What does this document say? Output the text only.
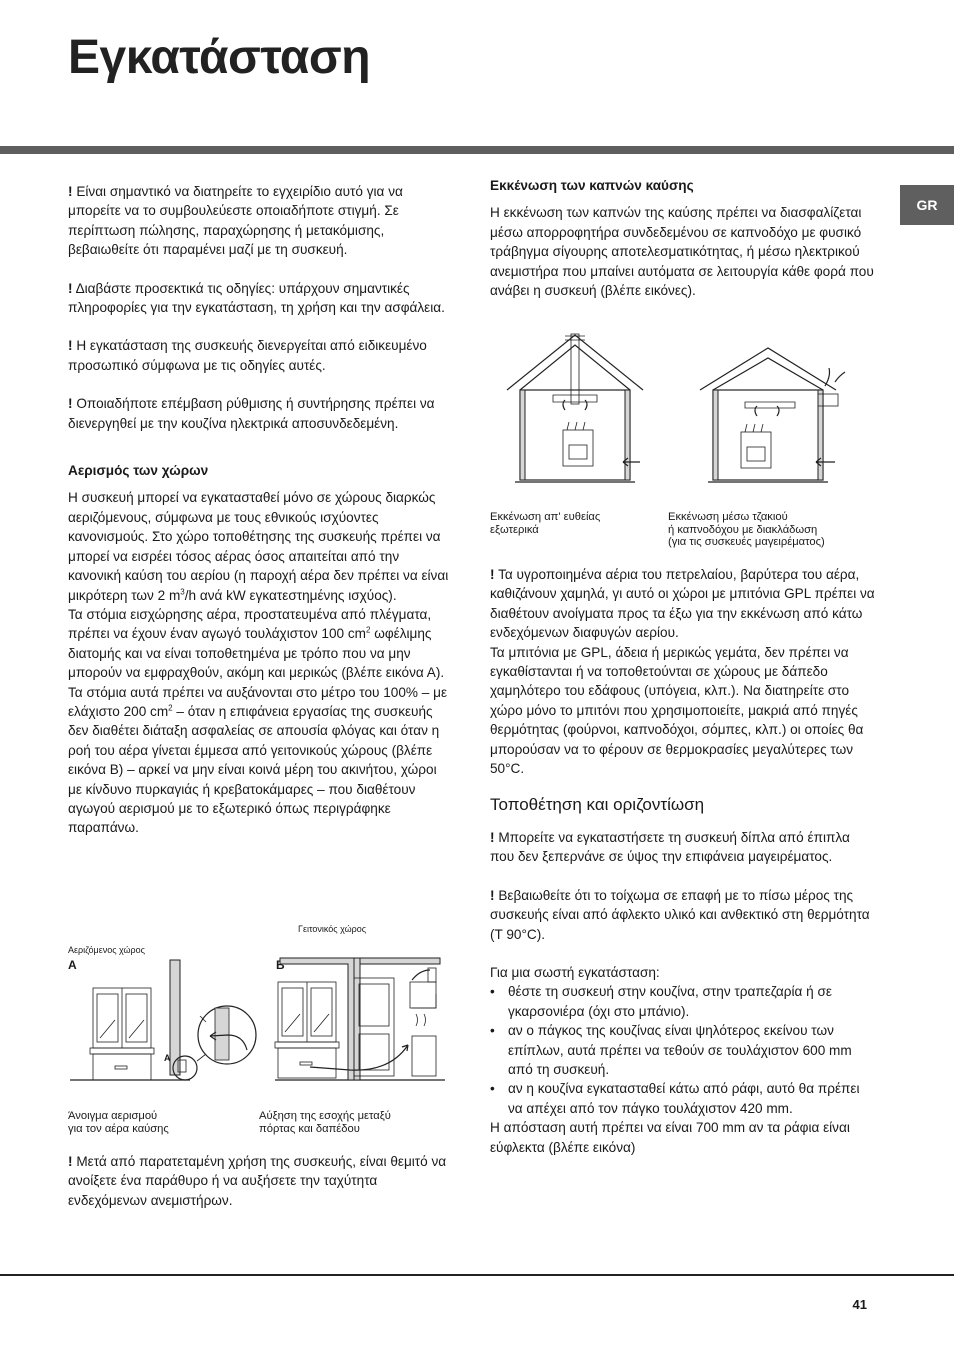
Εγκατάσταση
GR

! Είναι σημαντικό να διατηρείτε το εγχειρίδιο αυτό για να μπορείτε να το συμβουλεύεστε οποιαδήποτε στιγμή. Σε περίπτωση πώλησης, παραχώρησης ή μετακόμισης, βεβαιωθείτε ότι παραμένει μαζί με τη συσκευή.

! Διαβάστε προσεκτικά τις οδηγίες: υπάρχουν σημαντικές πληροφορίες για την εγκατάσταση, τη χρήση και την ασφάλεια.

! Η εγκατάσταση της συσκευής διενεργείται από ειδικευμένο προσωπικό σύμφωνα με τις οδηγίες αυτές.

! Οποιαδήποτε επέμβαση ρύθμισης ή συντήρησης πρέπει να διενεργηθεί με την κουζίνα ηλεκτρικά αποσυνδεδεμένη.

Αερισμός των χώρων

Η συσκευή μπορεί να εγκατασταθεί μόνο σε χώρους διαρκώς αεριζόμενους, σύμφωνα με τους εθνικούς ισχύοντες κανονισμούς. Στο χώρο τοποθέτησης της συσκευής πρέπει να μπορεί να εισρέει τόσος αέρας όσος απαιτείται από την κανονική καύση του αερίου (η παροχή αέρα δεν πρέπει να είναι μικρότερη των 2 $m^3/h$ ανά kW εγκατεστημένης ισχύος).

Τα στόμια εισχώρησης αέρα, προστατευμένα από πλέγματα, πρέπει να έχουν έναν αγωγό τουλάχιστον 100 $cm^2$ ωφέλιμης διατομής και να είναι τοποθετημένα με τρόπο που να μην μπορούν να εμφραχθούν, ακόμη και μερικώς (βλέπε εικόνα Α).

Τα στόμια αυτά πρέπει να αυξάνονται στο μέτρο του 100% – με ελάχιστο 200 $cm^2$ – όταν η επιφάνεια εργασίας της συσκευής δεν διαθέτει διάταξη ασφαλείας σε απουσία φλόγας και όταν η ροή του αέρα γίνεται έμμεσα από γειτονικούς χώρους (βλέπε εικόνα Β) – αρκεί να μην είναι κοινά μέρη του ακινήτου, χώροι με κίνδυνο πυρκαγιάς ή κρεβατοκάμαρες – που διαθέτουν αγωγού αερισμού με το εξωτερικό όπως περιγράφηκε παραπάνω.

Γειτονικός χώρος
Αεριζόμενος χώρος
A	B
A
Άνοιγμα αερισμού
για τον αέρα καύσης
Αύξηση της εσοχής μεταξύ
πόρτας και δαπέδου

! Μετά από παρατεταμένη χρήση της συσκευής, είναι θεμιτό να ανοίξετε ένα παράθυρο ή να αυξήσετε την ταχύτητα ενδεχόμενων ανεμιστήρων.

Εκκένωση των καπνών καύσης

Η εκκένωση των καπνών της καύσης πρέπει να διασφαλίζεται μέσω απορροφητήρα συνδεδεμένου σε καπνοδόχο με φυσικό τράβηγμα σίγουρης αποτελεσματικότητας, ή μέσω ηλεκτρικού ανεμιστήρα που μπαίνει αυτόματα σε λειτουργία κάθε φορά που ανάβει η συσκευή (βλέπε εικόνες).

Εκκένωση απ' ευθείας
εξωτερικά
Εκκένωση μέσω τζακιού
ή καπνοδόχου με διακλάδωση
(για τις συσκευές μαγειρέματος)

! Τα υγροποιημένα αέρια του πετρελαίου, βαρύτερα του αέρα, καθιζάνουν χαμηλά, γι αυτό οι χώροι με μπιτόνια GPL πρέπει να διαθέτουν ανοίγματα προς τα έξω για την εκκένωση από κάτω ενδεχόμενων διαφυγών αερίου.

Τα μπιτόνια με GPL, άδεια ή μερικώς γεμάτα, δεν πρέπει να εγκαθίστανται ή να τοποθετούνται σε χώρους με δάπεδο χαμηλότερο του εδάφους (υπόγεια, κλπ.). Να διατηρείτε στο χώρο μόνο το μπιτόνι που χρησιμοποιείτε, μακριά από πηγές θερμότητας (φούρνοι, καπνοδόχοι, σόμπες, κλπ.) οι οποίες θα μπορούσαν να το φέρουν σε θερμοκρασίες μεγαλύτερες των 50°C.

Τοποθέτηση και οριζοντίωση

! Μπορείτε να εγκαταστήσετε τη συσκευή δίπλα από έπιπλα που δεν ξεπερνάνε σε ύψος την επιφάνεια μαγειρέματος.

! Βεβαιωθείτε ότι το τοίχωμα σε επαφή με το πίσω μέρος της συσκευής είναι από άφλεκτο υλικό και ανθεκτικό στη θερμότητα (T 90°C).

Για μια σωστή εγκατάσταση:

• θέστε τη συσκευή στην κουζίνα, στην τραπεζαρία ή σε γκαρσονιέρα (όχι στο μπάνιο).
• αν ο πάγκος της κουζίνας είναι ψηλότερος εκείνου των επίπλων, αυτά πρέπει να τεθούν σε τουλάχιστον 600 mm από τη συσκευή.
• αν η κουζίνα εγκατασταθεί κάτω από ράφι, αυτό θα πρέπει να απέχει από τον πάγκο τουλάχιστον 420 mm.

Η απόσταση αυτή πρέπει να είναι 700 mm αν τα ράφια είναι εύφλεκτα (βλέπε εικόνα)

41
